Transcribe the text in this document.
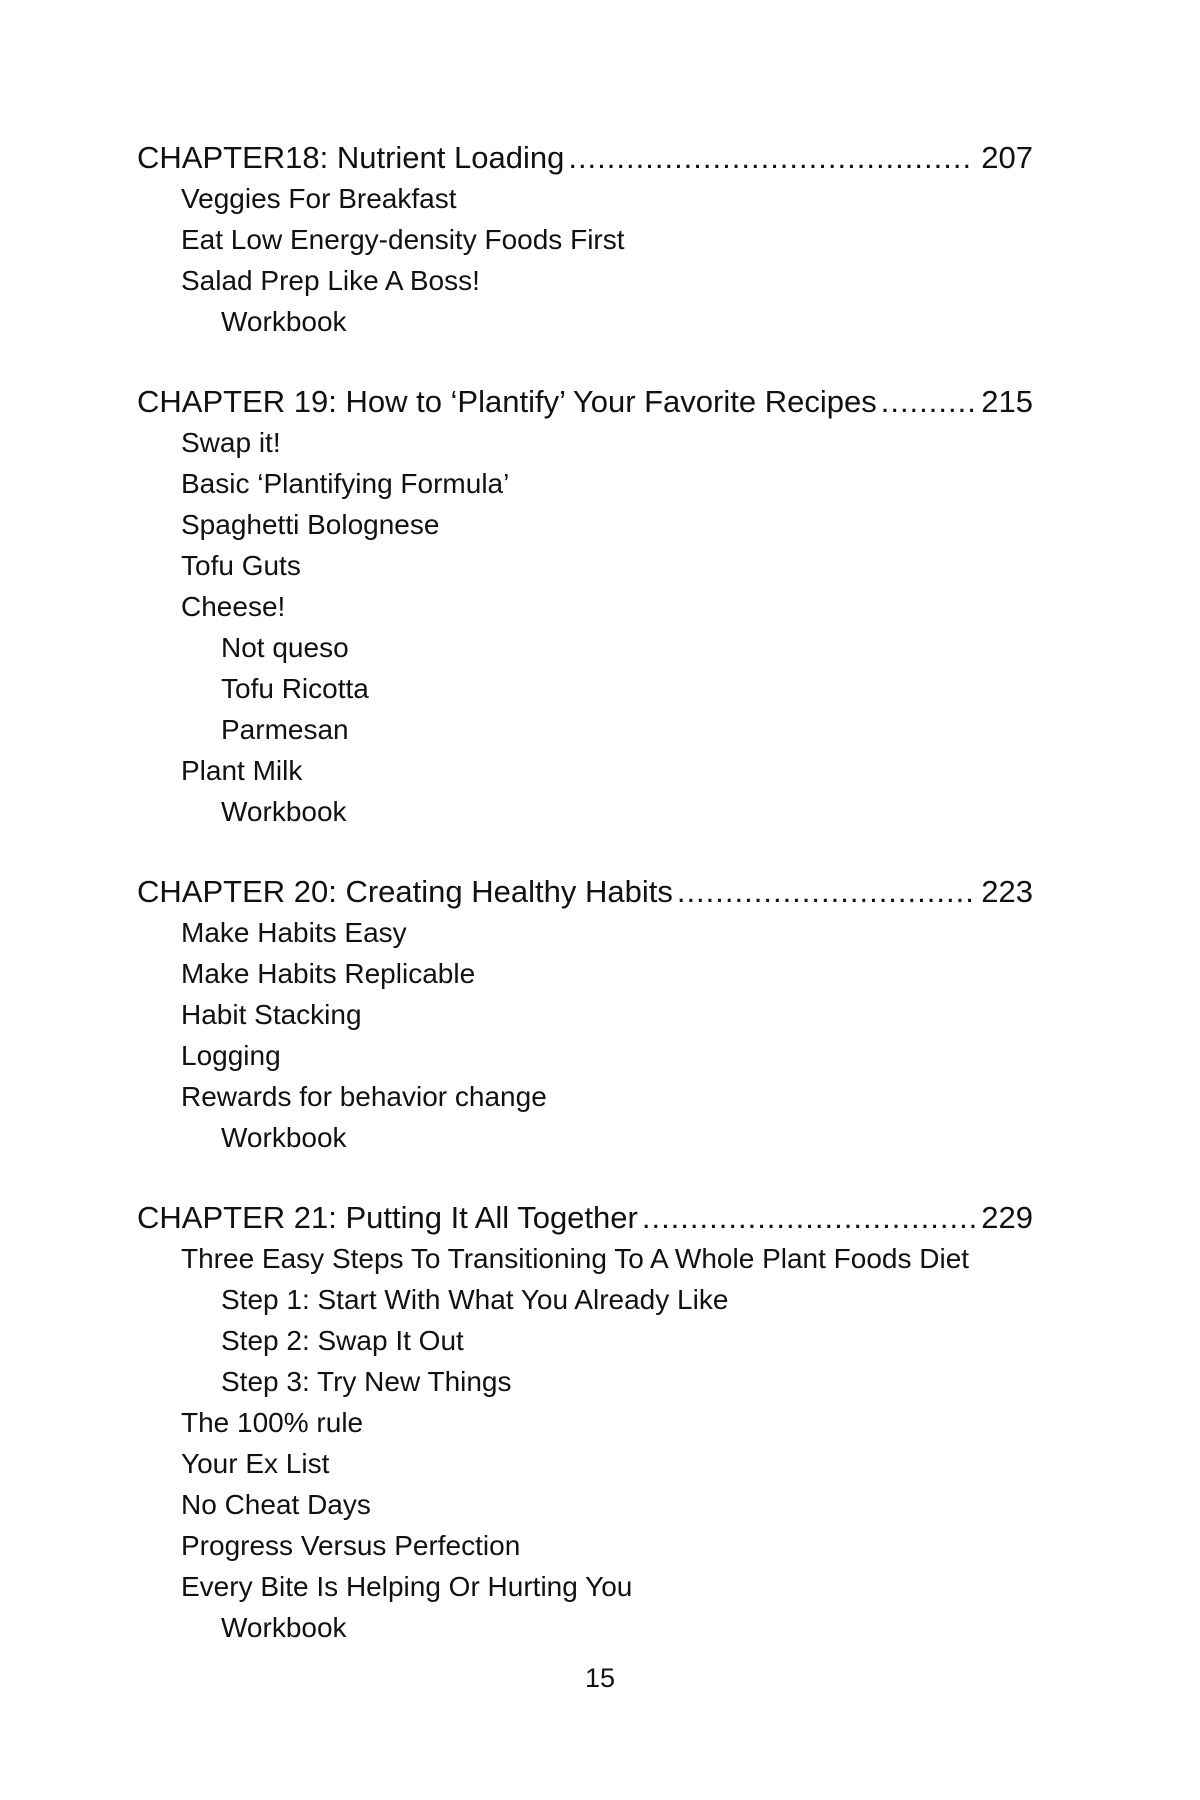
CHAPTER18: Nutrient Loading .....	207
Veggies For Breakfast
Eat Low Energy-density Foods First
Salad Prep Like A Boss!
Workbook
CHAPTER 19: How to ‘Plantify’ Your Favorite Recipes .....	215
Swap it!
Basic ‘Plantifying Formula’
Spaghetti Bolognese
Tofu Guts
Cheese!
Not queso
Tofu Ricotta
Parmesan
Plant Milk
Workbook
CHAPTER 20: Creating Healthy Habits .....	223
Make Habits Easy
Make Habits Replicable
Habit Stacking
Logging
Rewards for behavior change
Workbook
CHAPTER 21: Putting It All Together .....	229
Three Easy Steps To Transitioning To A Whole Plant Foods Diet
Step 1: Start With What You Already Like
Step 2: Swap It Out
Step 3: Try New Things
The 100% rule
Your Ex List
No Cheat Days
Progress Versus Perfection
Every Bite Is Helping Or Hurting You
Workbook
15
